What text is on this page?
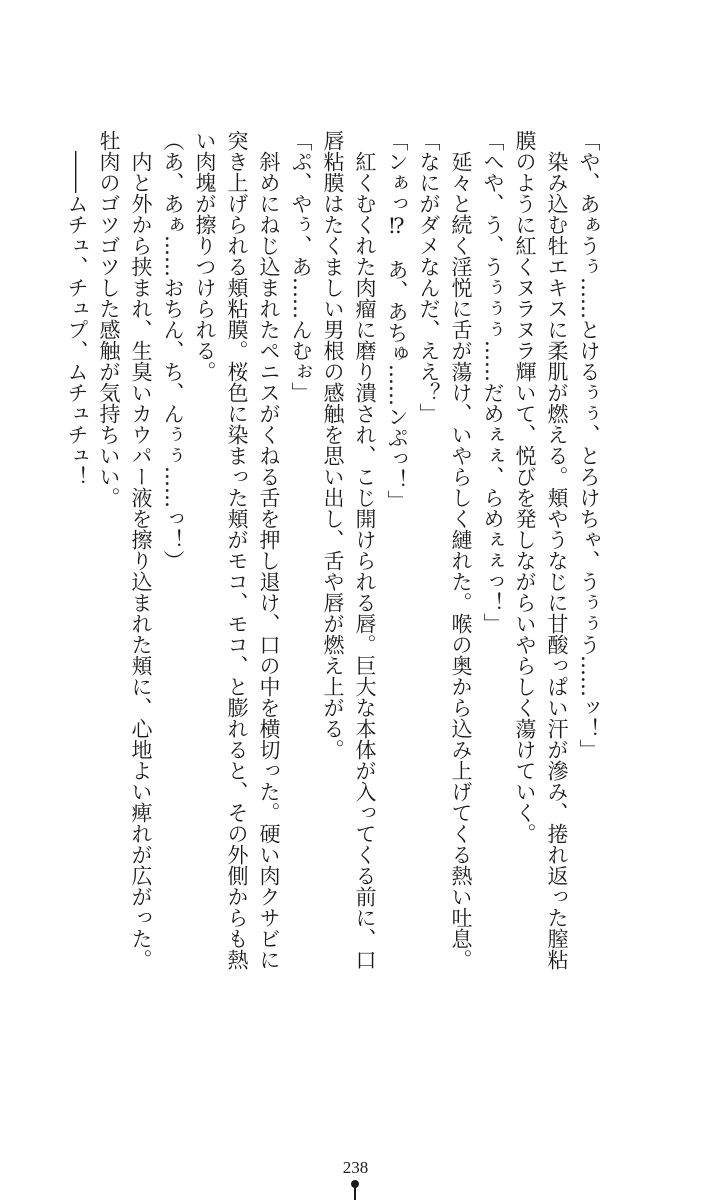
「や、あぁうぅ……とけるぅぅ、とろけちゃ、うぅぅう……ッ！」
　染み込む牡エキスに柔肌が燃える。頬やうなじに甘酸っぱい汗が滲み、捲れ返った膣粘
膜のように紅くヌラヌラ輝いて、悦びを発しながらいやらしく蕩けていく。
「へや、う、うぅぅぅ……だめぇぇ、らめぇぇっ！」
　延々と続く淫悦に舌が蕩け、いやらしく縺れた。喉の奥から込み上げてくる熱い吐息。
「なにがダメなんだ、ええ？」
「ンぁっ⁉　あ、あちゅ……ンぷっ！」
　紅くむくれた肉瘤に磨り潰され、こじ開けられる唇。巨大な本体が入ってくる前に、口
唇粘膜はたくましい男根の感触を思い出し、舌や唇が燃え上がる。
「ぷ、やぅ、あ……んむぉ」
　斜めにねじ込まれたペニスがくねる舌を押し退け、口の中を横切った。硬い肉クサビに
突き上げられる頬粘膜。桜色に染まった頬がモコ、モコ、と膨れると、その外側からも熱
い肉塊が擦りつけられる。
（あ、あぁ……おちん、ち、んぅぅ……っ！）
　内と外から挟まれ、生臭いカウパー液を擦り込まれた頬に、心地よい痺れが広がった。
牡肉のゴツゴツした感触が気持ちいい。
　――ムチュ、チュプ、ムチュチュ！
238
